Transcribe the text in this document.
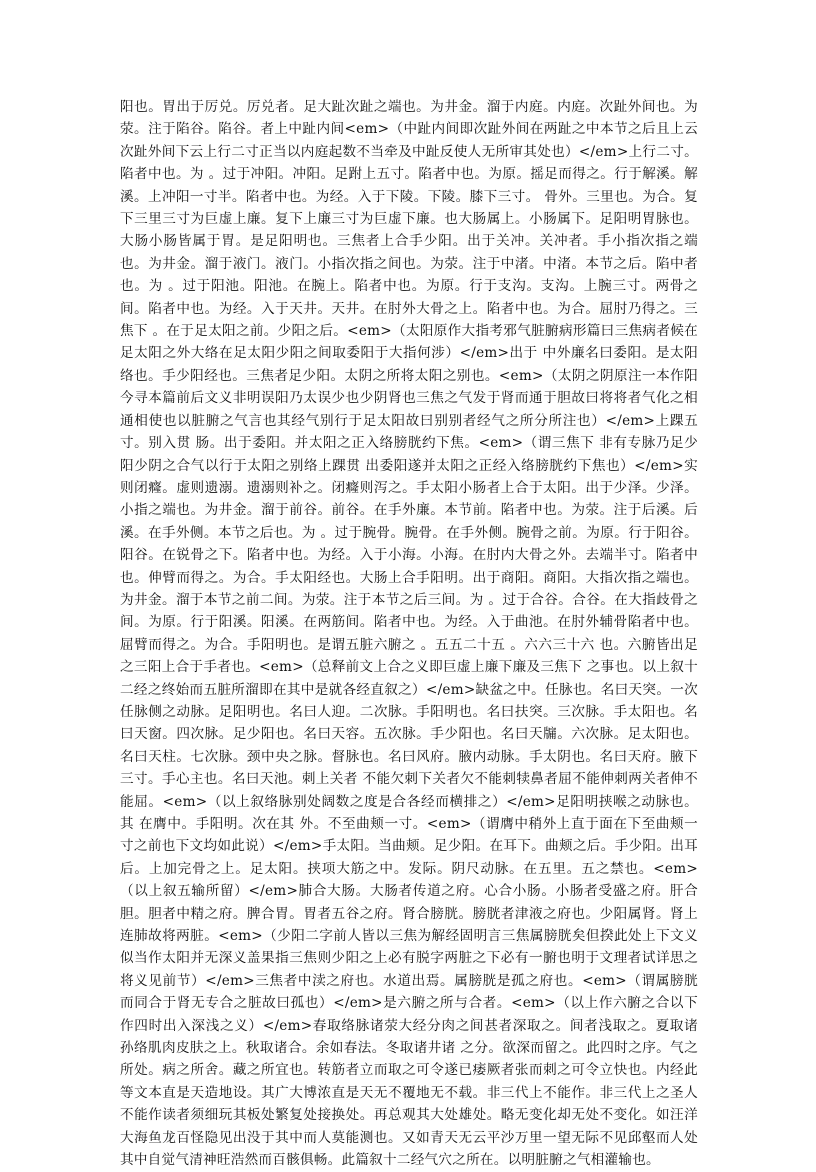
阳也。胃出于厉兑。厉兑者。足大趾次趾之端也。为井金。溜于内庭。内庭。次趾外间也。为荥。注于陷谷。陷谷。者上中趾内间<em>（中趾内间即次趾外间在两趾之中本节之后且上云次趾外间下云上行二寸正当以内庭起数不当牵及中趾反使人无所审其处也）</em>上行二寸。陷者中也。为 。过于冲阳。冲阳。足跗上五寸。陷者中也。为原。摇足而得之。行于解溪。解溪。上冲阳一寸半。陷者中也。为经。入于下陵。下陵。膝下三寸。 骨外。三里也。为合。复下三里三寸为巨虚上廉。复下上廉三寸为巨虚下廉。也大肠属上。小肠属下。足阳明胃脉也。大肠小肠皆属于胃。是足阳明也。三焦者上合手少阳。出于关冲。关冲者。手小指次指之端也。为井金。溜于液门。液门。小指次指之间也。为荥。注于中渚。中渚。本节之后。陷中者也。为 。过于阳池。阳池。在腕上。陷者中也。为原。行于支沟。支沟。上腕三寸。两骨之间。陷者中也。为经。入于天井。天井。在肘外大骨之上。陷者中也。为合。屈肘乃得之。三焦下 。在于足太阳之前。少阳之后。<em>（太阳原作大指考邪气脏腑病形篇曰三焦病者候在足太阳之外大络在足太阳少阳之间取委阳于大指何涉）</em>出于 中外廉名曰委阳。是太阳络也。手少阳经也。三焦者足少阳。太阴之所将太阳之别也。<em>（太阴之阴原注一本作阳今寻本篇前后文义非明误阳乃太误少也少阴肾也三焦之气发于肾而通于胆故曰将将者气化之相通相使也以脏腑之气言也其经气别行于足太阳故曰别别者经气之所分所注也）</em>上踝五寸。别入贯 肠。出于委阳。并太阳之正入络膀胱约下焦。<em>（谓三焦下 非有专脉乃足少阳少阴之合气以行于太阳之别络上踝贯 出委阳遂并太阳之正经入络膀胱约下焦也）</em>实则闭癃。虚则遗溺。遗溺则补之。闭癃则泻之。手太阳小肠者上合于太阳。出于少泽。少泽。小指之端也。为井金。溜于前谷。前谷。在手外廉。本节前。陷者中也。为荥。注于后溪。后溪。在手外侧。本节之后也。为 。过于腕骨。腕骨。在手外侧。腕骨之前。为原。行于阳谷。阳谷。在锐骨之下。陷者中也。为经。入于小海。小海。在肘内大骨之外。去端半寸。陷者中也。伸臂而得之。为合。手太阳经也。大肠上合手阳明。出于商阳。商阳。大指次指之端也。为井金。溜于本节之前二间。为荥。注于本节之后三间。为 。过于合谷。合谷。在大指歧骨之间。为原。行于阳溪。阳溪。在两筋间。陷者中也。为经。入于曲池。在肘外辅骨陷者中也。屈臂而得之。为合。手阳明也。是谓五脏六腑之 。五五二十五 。六六三十六 也。六腑皆出足之三阳上合于手者也。<em>（总释前文上合之义即巨虚上廉下廉及三焦下 之事也。以上叙十二经之终始而五脏所溜即在其中是就各经直叙之）</em>缺盆之中。任脉也。名曰天突。一次任脉侧之动脉。足阳明也。名曰人迎。二次脉。手阳明也。名曰扶突。三次脉。手太阳也。名曰天窗。四次脉。足少阳也。名曰天容。五次脉。手少阳也。名曰天牖。六次脉。足太阳也。名曰天柱。七次脉。颈中央之脉。督脉也。名曰风府。腋内动脉。手太阴也。名曰天府。腋下三寸。手心主也。名曰天池。刺上关者 不能欠刺下关者欠不能刺犊鼻者屈不能伸刺两关者伸不能屈。<em>（以上叙络脉别处阔数之度是合各经而横排之）</em>足阳明挟喉之动脉也。其 在膺中。手阳明。次在其 外。不至曲颊一寸。<em>（谓膺中稍外上直于面在下至曲颊一寸之前也下文均如此说）</em>手太阳。当曲颊。足少阳。在耳下。曲颊之后。手少阳。出耳后。上加完骨之上。足太阳。挟项大筋之中。发际。阴尺动脉。在五里。五之禁也。<em>（以上叙五输所留）</em>肺合大肠。大肠者传道之府。心合小肠。小肠者受盛之府。肝合胆。胆者中精之府。脾合胃。胃者五谷之府。肾合膀胱。膀胱者津液之府也。少阳属肾。肾上连肺故将两脏。<em>（少阳二字前人皆以三焦为解经固明言三焦属膀胱矣但揆此处上下文义似当作太阳并无深义盖果指三焦则少阳之上必有脱字两脏之下必有一腑也明于文理者试详思之将义见前节）</em>三焦者中渎之府也。水道出焉。属膀胱是孤之府也。<em>（谓属膀胱而同合于肾无专合之脏故曰孤也）</em>是六腑之所与合者。<em>（以上作六腑之合以下作四时出入深浅之义）</em>春取络脉诸荥大经分肉之间甚者深取之。间者浅取之。夏取诸 孙络肌肉皮肤之上。秋取诸合。余如春法。冬取诸井诸 之分。欲深而留之。此四时之序。气之所处。病之所舍。藏之所宜也。转筋者立而取之可令遂已痿厥者张而刺之可令立快也。内经此等文本直是天造地设。其广大博浓直是天无不覆地无不载。非三代上不能作。非三代上之圣人不能作读者须细玩其板处繁复处接换处。再总观其大处雄处。略无变化却无处不变化。如汪洋大海鱼龙百怪隐见出没于其中而人莫能测也。又如青天无云平沙万里一望无际不见邱壑而人处其中自觉气清神旺浩然而百骸俱畅。此篇叙十二经气穴之所在。以明脏腑之气相灌输也。
